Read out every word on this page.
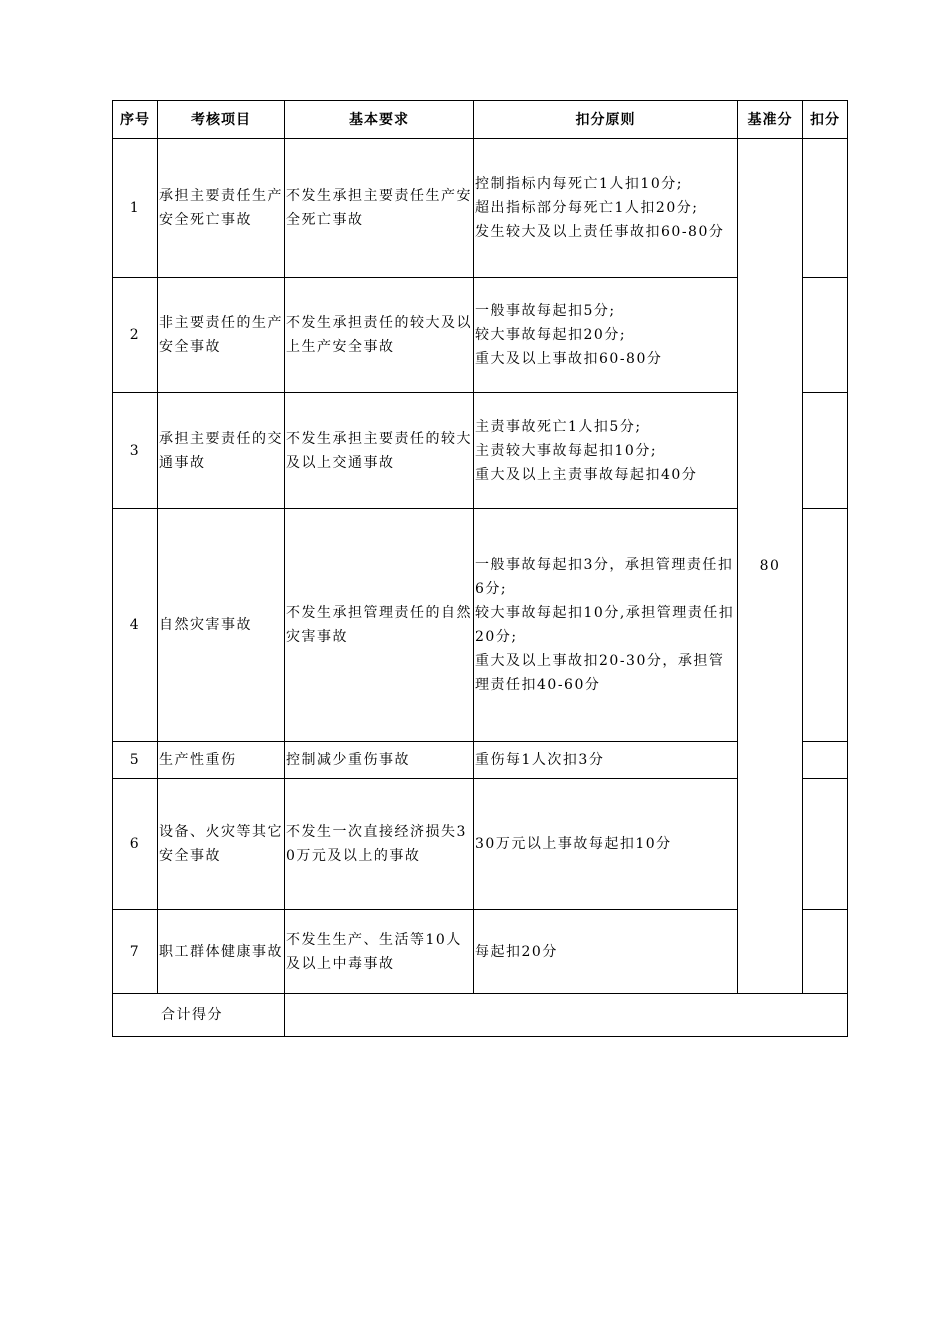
序号	考核项目	基本要求	扣分原则	基准分	扣分
1	承担主要责任生产安全死亡事故	不发生承担主要责任生产安全死亡事故	控制指标内每死亡1人扣10分;
超出指标部分每死亡1人扣20分;
发生较大及以上责任事故扣60-80分	80	
2	非主要责任的生产安全事故	不发生承担责任的较大及以上生产安全事故	一般事故每起扣5分;
较大事故每起扣20分;
重大及以上事故扣60-80分		

3	承担主要责任的交通事故	不发生承担主要责任的较大及以上交通事故	主责事故死亡1人扣5分;
主责较大事故每起扣10分;
重大及以上主责事故每起扣40分		

4	自然灾害事故	不发生承担管理责任的自然灾害事故	一般事故每起扣3分，承担管理责任扣6分;
较大事故每起扣10分,承担管理责任扣20分;
重大及以上事故扣20-30分，承担管理责任扣40-60分		

5	生产性重伤	控制减少重伤事故	重伤每1人次扣3分		

6	设备、火灾等其它安全事故	不发生一次直接经济损失30万元及以上的事故	30万元以上事故每起扣10分		

7	职工群体健康事故	不发生生产、生活等10人及以上中毒事故	每起扣20分		

合计得分					
